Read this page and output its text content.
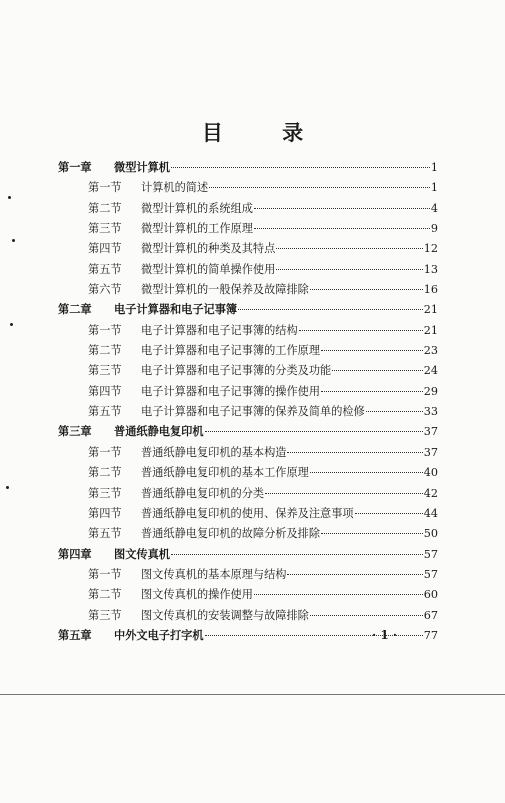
目 录
第一章	微型计算机	1
第一节	计算机的简述	1
第二节	微型计算机的系统组成	4
第三节	微型计算机的工作原理	9
第四节	微型计算机的种类及其特点	12
第五节	微型计算机的简单操作使用	13
第六节	微型计算机的一般保养及故障排除	16
第二章	电子计算器和电子记事簿	21
第一节	电子计算器和电子记事簿的结构	21
第二节	电子计算器和电子记事簿的工作原理	23
第三节	电子计算器和电子记事簿的分类及功能	24
第四节	电子计算器和电子记事簿的操作使用	29
第五节	电子计算器和电子记事簿的保养及简单的检修	33
第三章	普通纸静电复印机	37
第一节	普通纸静电复印机的基本构造	37
第二节	普通纸静电复印机的基本工作原理	40
第三节	普通纸静电复印机的分类	42
第四节	普通纸静电复印机的使用、保养及注意事项	44
第五节	普通纸静电复印机的故障分析及排除	50
第四章	图文传真机	57
第一节	图文传真机的基本原理与结构	57
第二节	图文传真机的操作使用	60
第三节	图文传真机的安装调整与故障排除	67
第五章	中外文电子打字机	77
· 1 ·
